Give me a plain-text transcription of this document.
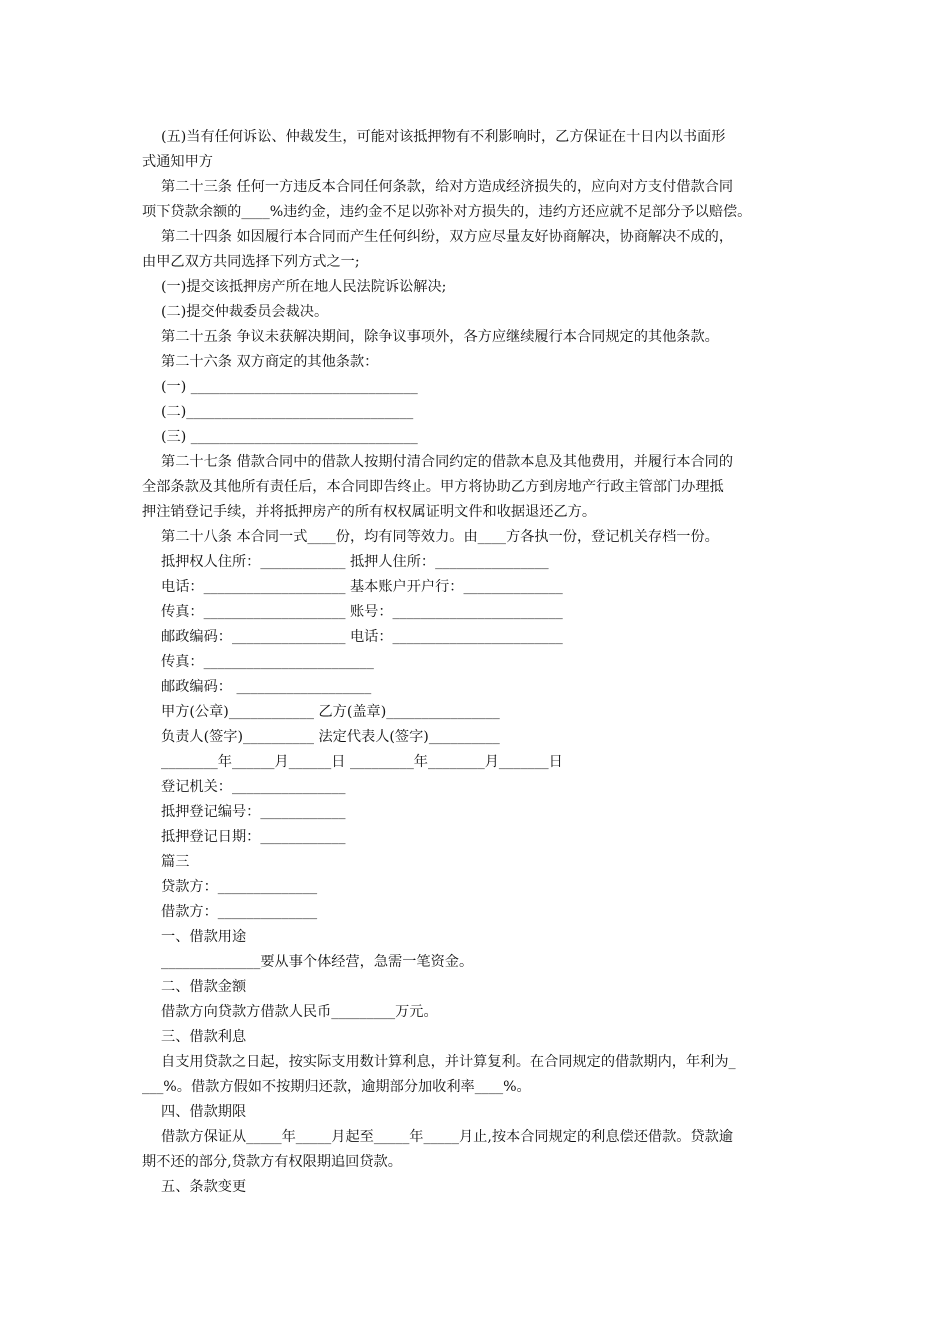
(五)当有任何诉讼、仲裁发生，可能对该抵押物有不利影响时，乙方保证在十日内以书面形
式通知甲方
第二十三条 任何一方违反本合同任何条款，给对方造成经济损失的，应向对方支付借款合同
项下贷款余额的____%违约金，违约金不足以弥补对方损失的，违约方还应就不足部分予以赔偿。
第二十四条 如因履行本合同而产生任何纠纷，双方应尽量友好协商解决，协商解决不成的，
由甲乙双方共同选择下列方式之一;
(一)提交该抵押房产所在地人民法院诉讼解决;
(二)提交仲裁委员会裁决。
第二十五条 争议未获解决期间，除争议事项外，各方应继续履行本合同规定的其他条款。
第二十六条 双方商定的其他条款：
(一) ________________________________
(二)________________________________
(三) ________________________________
第二十七条 借款合同中的借款人按期付清合同约定的借款本息及其他费用，并履行本合同的
全部条款及其他所有责任后，本合同即告终止。甲方将协助乙方到房地产行政主管部门办理抵
押注销登记手续，并将抵押房产的所有权权属证明文件和收据退还乙方。
第二十八条 本合同一式____份，均有同等效力。由____方各执一份，登记机关存档一份。
抵押权人住所：____________ 抵押人住所：________________
电话：____________________ 基本账户开户行：______________
传真：____________________ 账号：________________________
邮政编码：________________ 电话：________________________
传真：________________________
邮政编码： ___________________
甲方(公章)____________ 乙方(盖章)________________
负责人(签字)__________ 法定代表人(签字)__________
________年______月______日 _________年________月_______日
登记机关：________________
抵押登记编号：____________
抵押登记日期：____________
篇三
贷款方：______________
借款方：______________
一、借款用途
______________要从事个体经营，急需一笔资金。
二、借款金额
借款方向贷款方借款人民币_________万元。
三、借款利息
自支用贷款之日起，按实际支用数计算利息，并计算复利。在合同规定的借款期内，年利为_
___%。借款方假如不按期归还款，逾期部分加收利率____%。
四、借款期限
借款方保证从_____年_____月起至_____年_____月止,按本合同规定的利息偿还借款。贷款逾
期不还的部分,贷款方有权限期追回贷款。
五、条款变更
